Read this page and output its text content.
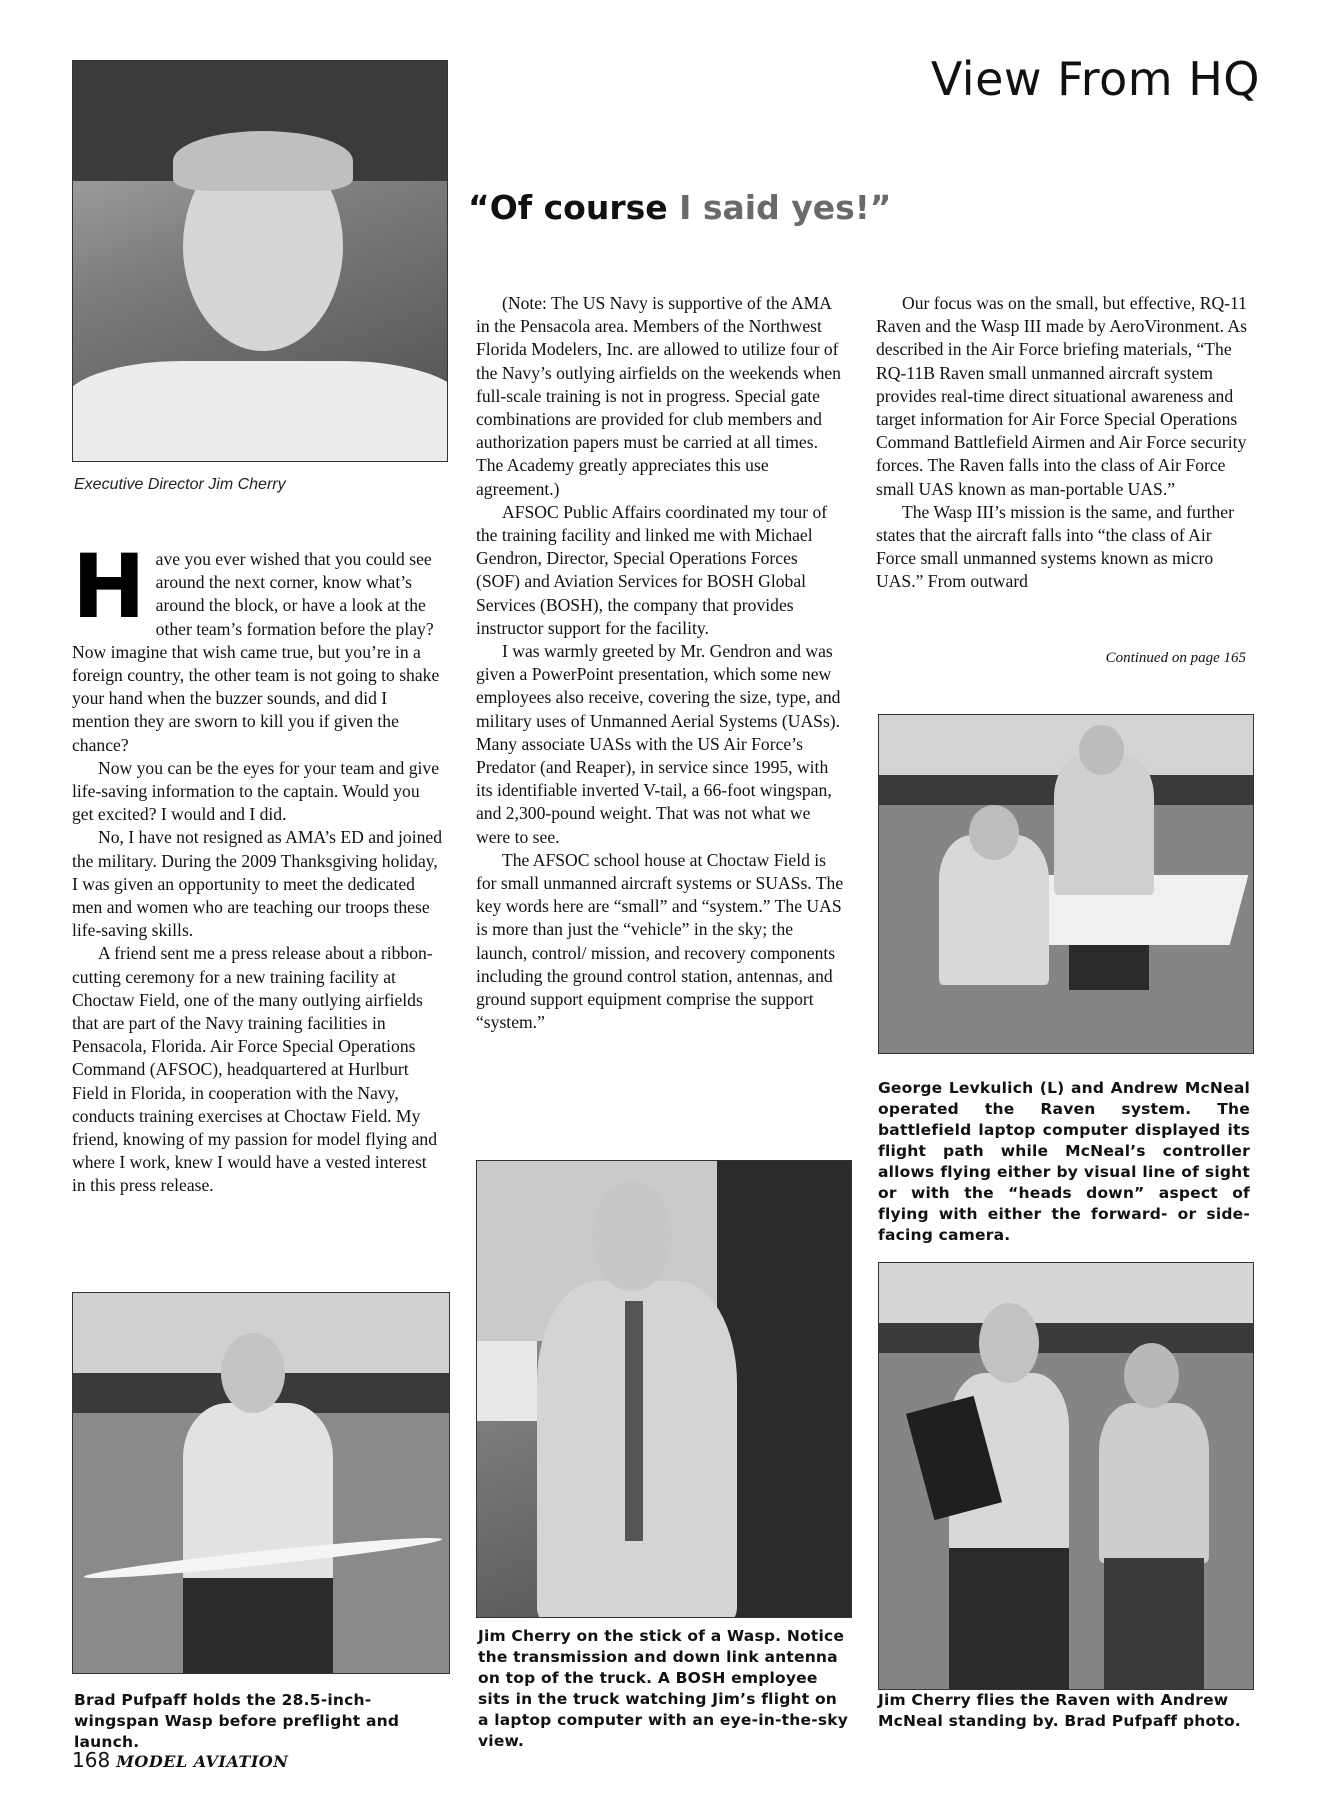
View From HQ
“Of course I said yes!”
Executive Director Jim Cherry

Have you ever wished that you could see around the next corner, know what’s around the block, or have a look at the other team’s formation before the play? Now imagine that wish came true, but you’re in a foreign country, the other team is not going to shake your hand when the buzzer sounds, and did I mention they are sworn to kill you if given the chance?

Now you can be the eyes for your team and give life-saving information to the captain. Would you get excited? I would and I did.

No, I have not resigned as AMA’s ED and joined the military. During the 2009 Thanksgiving holiday, I was given an opportunity to meet the dedicated men and women who are teaching our troops these life-saving skills.

A friend sent me a press release about a ribbon-cutting ceremony for a new training facility at Choctaw Field, one of the many outlying airfields that are part of the Navy training facilities in Pensacola, Florida. Air Force Special Operations Command (AFSOC), headquartered at Hurlburt Field in Florida, in cooperation with the Navy, conducts training exercises at Choctaw Field. My friend, knowing of my passion for model flying and where I work, knew I would have a vested interest in this press release.

(Note: The US Navy is supportive of the AMA in the Pensacola area. Members of the Northwest Florida Modelers, Inc. are allowed to utilize four of the Navy’s outlying airfields on the weekends when full-scale training is not in progress. Special gate combinations are provided for club members and authorization papers must be carried at all times. The Academy greatly appreciates this use agreement.)

AFSOC Public Affairs coordinated my tour of the training facility and linked me with Michael Gendron, Director, Special Operations Forces (SOF) and Aviation Services for BOSH Global Services (BOSH), the company that provides instructor support for the facility.

I was warmly greeted by Mr. Gendron and was given a PowerPoint presentation, which some new employees also receive, covering the size, type, and military uses of Unmanned Aerial Systems (UASs). Many associate UASs with the US Air Force’s Predator (and Reaper), in service since 1995, with its identifiable inverted V-tail, a 66-foot wingspan, and 2,300-pound weight. That was not what we were to see.

The AFSOC school house at Choctaw Field is for small unmanned aircraft systems or SUASs. The key words here are “small” and “system.” The UAS is more than just the “vehicle” in the sky; the launch, control/ mission, and recovery components including the ground control station, antennas, and ground support equipment comprise the support “system.”

Our focus was on the small, but effective, RQ-11 Raven and the Wasp III made by AeroVironment. As described in the Air Force briefing materials, “The RQ-11B Raven small unmanned aircraft system provides real-time direct situational awareness and target information for Air Force Special Operations Command Battlefield Airmen and Air Force security forces. The Raven falls into the class of Air Force small UAS known as man-portable UAS.”

The Wasp III’s mission is the same, and further states that the aircraft falls into “the class of Air Force small unmanned systems known as micro UAS.” From outward

Continued on page 165
George Levkulich (L) and Andrew McNeal operated the Raven system. The battlefield laptop computer displayed its flight path while McNeal’s controller allows flying either by visual line of sight or with the “heads down” aspect of flying with either the forward- or side-facing camera.
Brad Pufpaff holds the 28.5-inch-wingspan Wasp before preflight and launch.
Jim Cherry on the stick of a Wasp. Notice the transmission and down link antenna on top of the truck. A BOSH employee sits in the truck watching Jim’s flight on a laptop computer with an eye-in-the-sky view.
Jim Cherry flies the Raven with Andrew McNeal standing by. Brad Pufpaff photo.
168 MODEL AVIATION
